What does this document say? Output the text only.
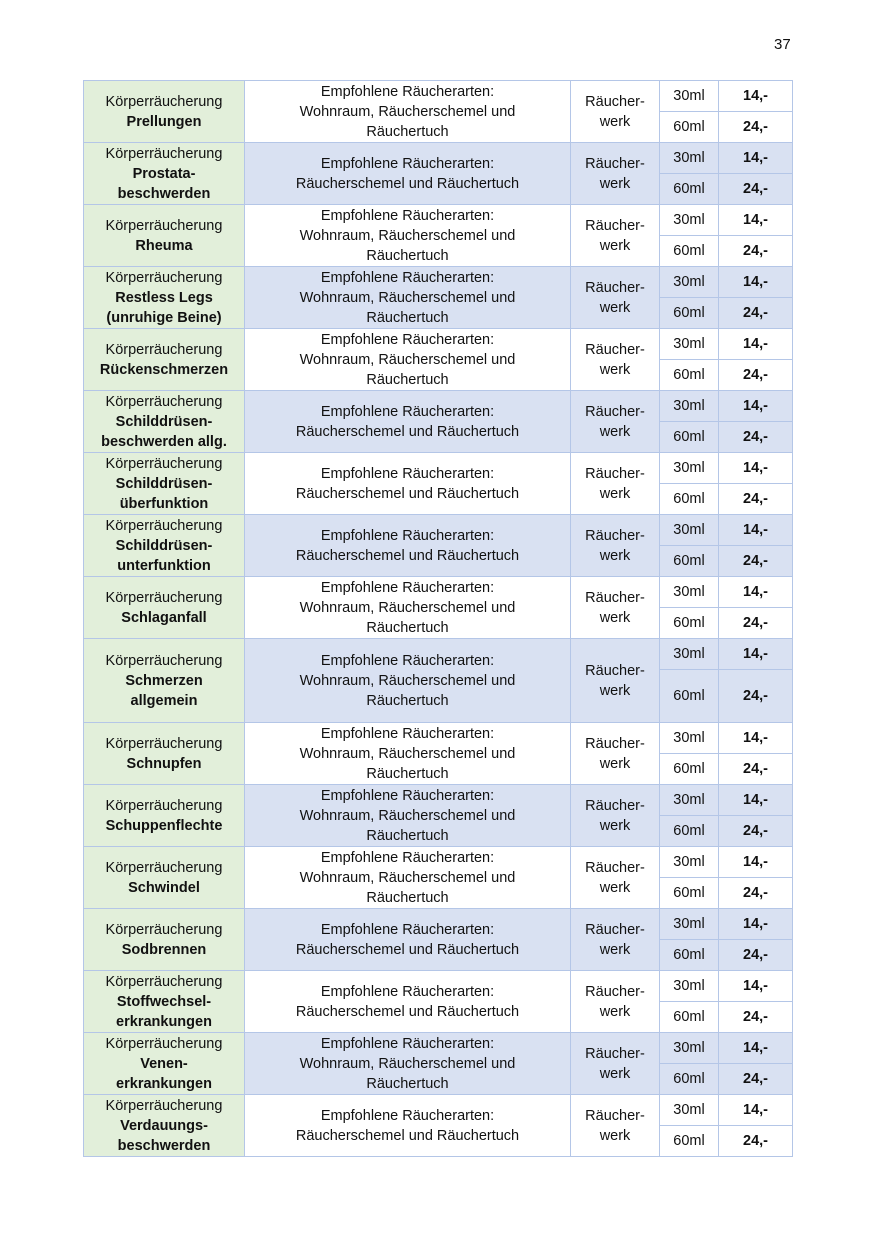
37
Körperräucherung
Prellungen	Empfohlene Räucherarten:
Wohnraum, Räucherschemel und
Räuchertuch	Räucher-
werk	30ml	14,-
			60ml	24,-

Körperräucherung
Prostata-
beschwerden	Empfohlene Räucherarten:
Räucherschemel und Räuchertuch	Räucher-
werk	30ml	14,-
			60ml	24,-

Körperräucherung
Rheuma	Empfohlene Räucherarten:
Wohnraum, Räucherschemel und
Räuchertuch	Räucher-
werk	30ml	14,-
			60ml	24,-

Körperräucherung
Restless Legs
(unruhige Beine)	Empfohlene Räucherarten:
Wohnraum, Räucherschemel und
Räuchertuch	Räucher-
werk	30ml	14,-
			60ml	24,-

Körperräucherung
Rückenschmerzen	Empfohlene Räucherarten:
Wohnraum, Räucherschemel und
Räuchertuch	Räucher-
werk	30ml	14,-
			60ml	24,-

Körperräucherung
Schilddrüsen-
beschwerden allg.	Empfohlene Räucherarten:
Räucherschemel und Räuchertuch	Räucher-
werk	30ml	14,-
			60ml	24,-

Körperräucherung
Schilddrüsen-
überfunktion	Empfohlene Räucherarten:
Räucherschemel und Räuchertuch	Räucher-
werk	30ml	14,-
			60ml	24,-

Körperräucherung
Schilddrüsen-
unterfunktion	Empfohlene Räucherarten:
Räucherschemel und Räuchertuch	Räucher-
werk	30ml	14,-
			60ml	24,-

Körperräucherung
Schlaganfall	Empfohlene Räucherarten:
Wohnraum, Räucherschemel und
Räuchertuch	Räucher-
werk	30ml	14,-
			60ml	24,-

Körperräucherung
Schmerzen
allgemein	Empfohlene Räucherarten:
Wohnraum, Räucherschemel und
Räuchertuch	Räucher-
werk	30ml	14,-
			60ml	24,-

Körperräucherung
Schnupfen	Empfohlene Räucherarten:
Wohnraum, Räucherschemel und
Räuchertuch	Räucher-
werk	30ml	14,-
			60ml	24,-

Körperräucherung
Schuppenflechte	Empfohlene Räucherarten:
Wohnraum, Räucherschemel und
Räuchertuch	Räucher-
werk	30ml	14,-
			60ml	24,-

Körperräucherung
Schwindel	Empfohlene Räucherarten:
Wohnraum, Räucherschemel und
Räuchertuch	Räucher-
werk	30ml	14,-
			60ml	24,-

Körperräucherung
Sodbrennen	Empfohlene Räucherarten:
Räucherschemel und Räuchertuch	Räucher-
werk	30ml	14,-
			60ml	24,-

Körperräucherung
Stoffwechsel-
erkrankungen	Empfohlene Räucherarten:
Räucherschemel und Räuchertuch	Räucher-
werk	30ml	14,-
			60ml	24,-

Körperräucherung
Venen-
erkrankungen	Empfohlene Räucherarten:
Wohnraum, Räucherschemel und
Räuchertuch	Räucher-
werk	30ml	14,-
			60ml	24,-

Körperräucherung
Verdauungs-
beschwerden	Empfohlene Räucherarten:
Räucherschemel und Räuchertuch	Räucher-
werk	30ml	14,-
			60ml	24,-
